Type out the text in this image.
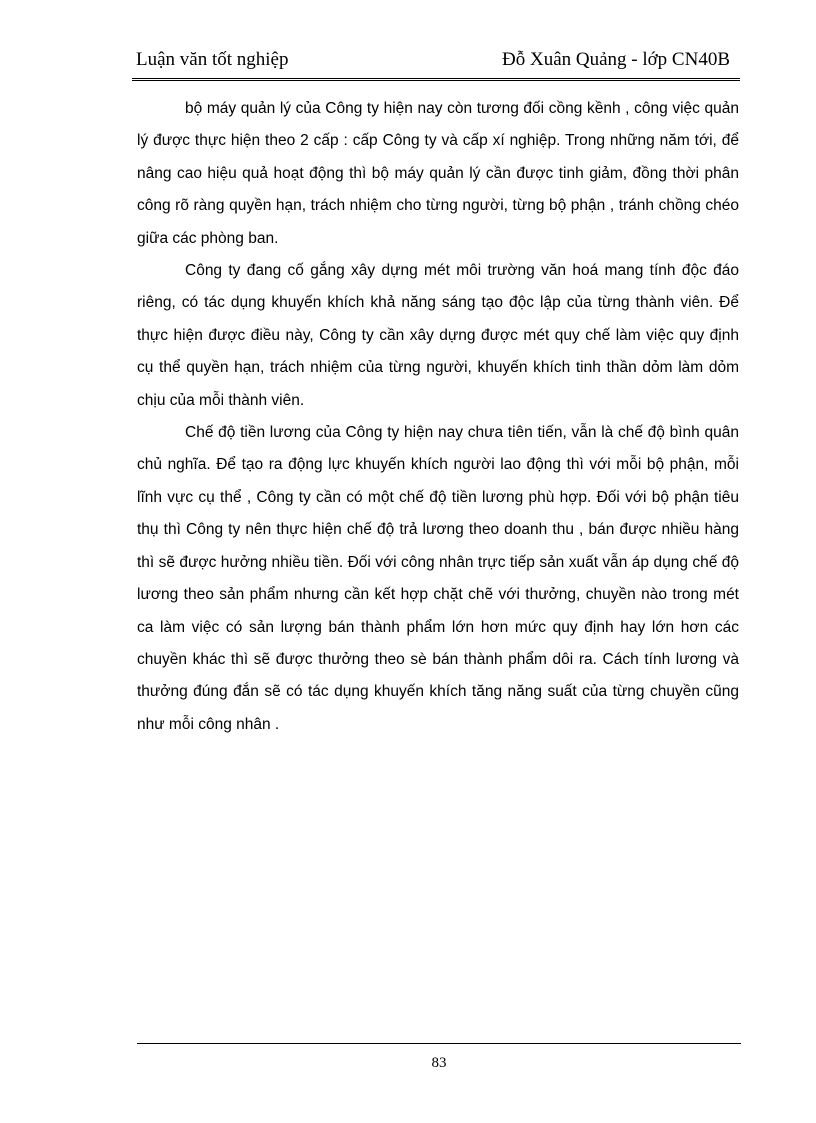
Luận văn tốt nghiệp	Đỗ Xuân Quảng - lớp CN40B

bộ máy quản lý của Công ty hiện nay còn tương đối cồng kềnh , công việc quản lý được thực hiện theo 2 cấp : cấp Công ty và cấp xí nghiệp. Trong những năm tới, để nâng cao hiệu quả hoạt động thì bộ máy quản lý cần được tinh giảm, đồng thời phân công rõ ràng quyền hạn, trách nhiệm cho từng người, từng bộ phận , tránh chồng chéo giữa các phòng ban.

Công ty đang cố gắng xây dựng mét môi trường văn hoá mang tính độc đáo riêng, có tác dụng khuyến khích khả năng sáng tạo độc lập của từng thành viên. Để thực hiện được điều này, Công ty cần xây dựng được mét quy chế làm việc quy định cụ thể quyền hạn, trách nhiệm của từng người, khuyến khích tinh thần dỏm làm dỏm chịu của mỗi thành viên.

Chế độ tiền lương của Công ty hiện nay chưa tiên tiến, vẫn là chế độ bình quân chủ nghĩa. Để tạo ra động lực khuyến khích người lao động thì với mỗi bộ phận, mỗi lĩnh vực cụ thể , Công ty cần có một chế độ tiền lương phù hợp. Đối với bộ phận tiêu thụ thì Công ty nên thực hiện chế độ trả lương theo doanh thu , bán được nhiều hàng thì sẽ được hưởng nhiều tiền. Đối với công nhân trực tiếp sản xuất vẫn áp dụng chế độ lương theo sản phẩm nhưng cần kết hợp chặt chẽ với thưởng, chuyền nào trong mét ca làm việc có sản lượng bán thành phẩm lớn hơn mức quy định hay lớn hơn các chuyền khác thì sẽ được thưởng theo sè bán thành phẩm dôi ra. Cách tính lương và thưởng đúng đắn sẽ có tác dụng khuyến khích tăng năng suất của từng chuyền cũng như mỗi công nhân .

83
